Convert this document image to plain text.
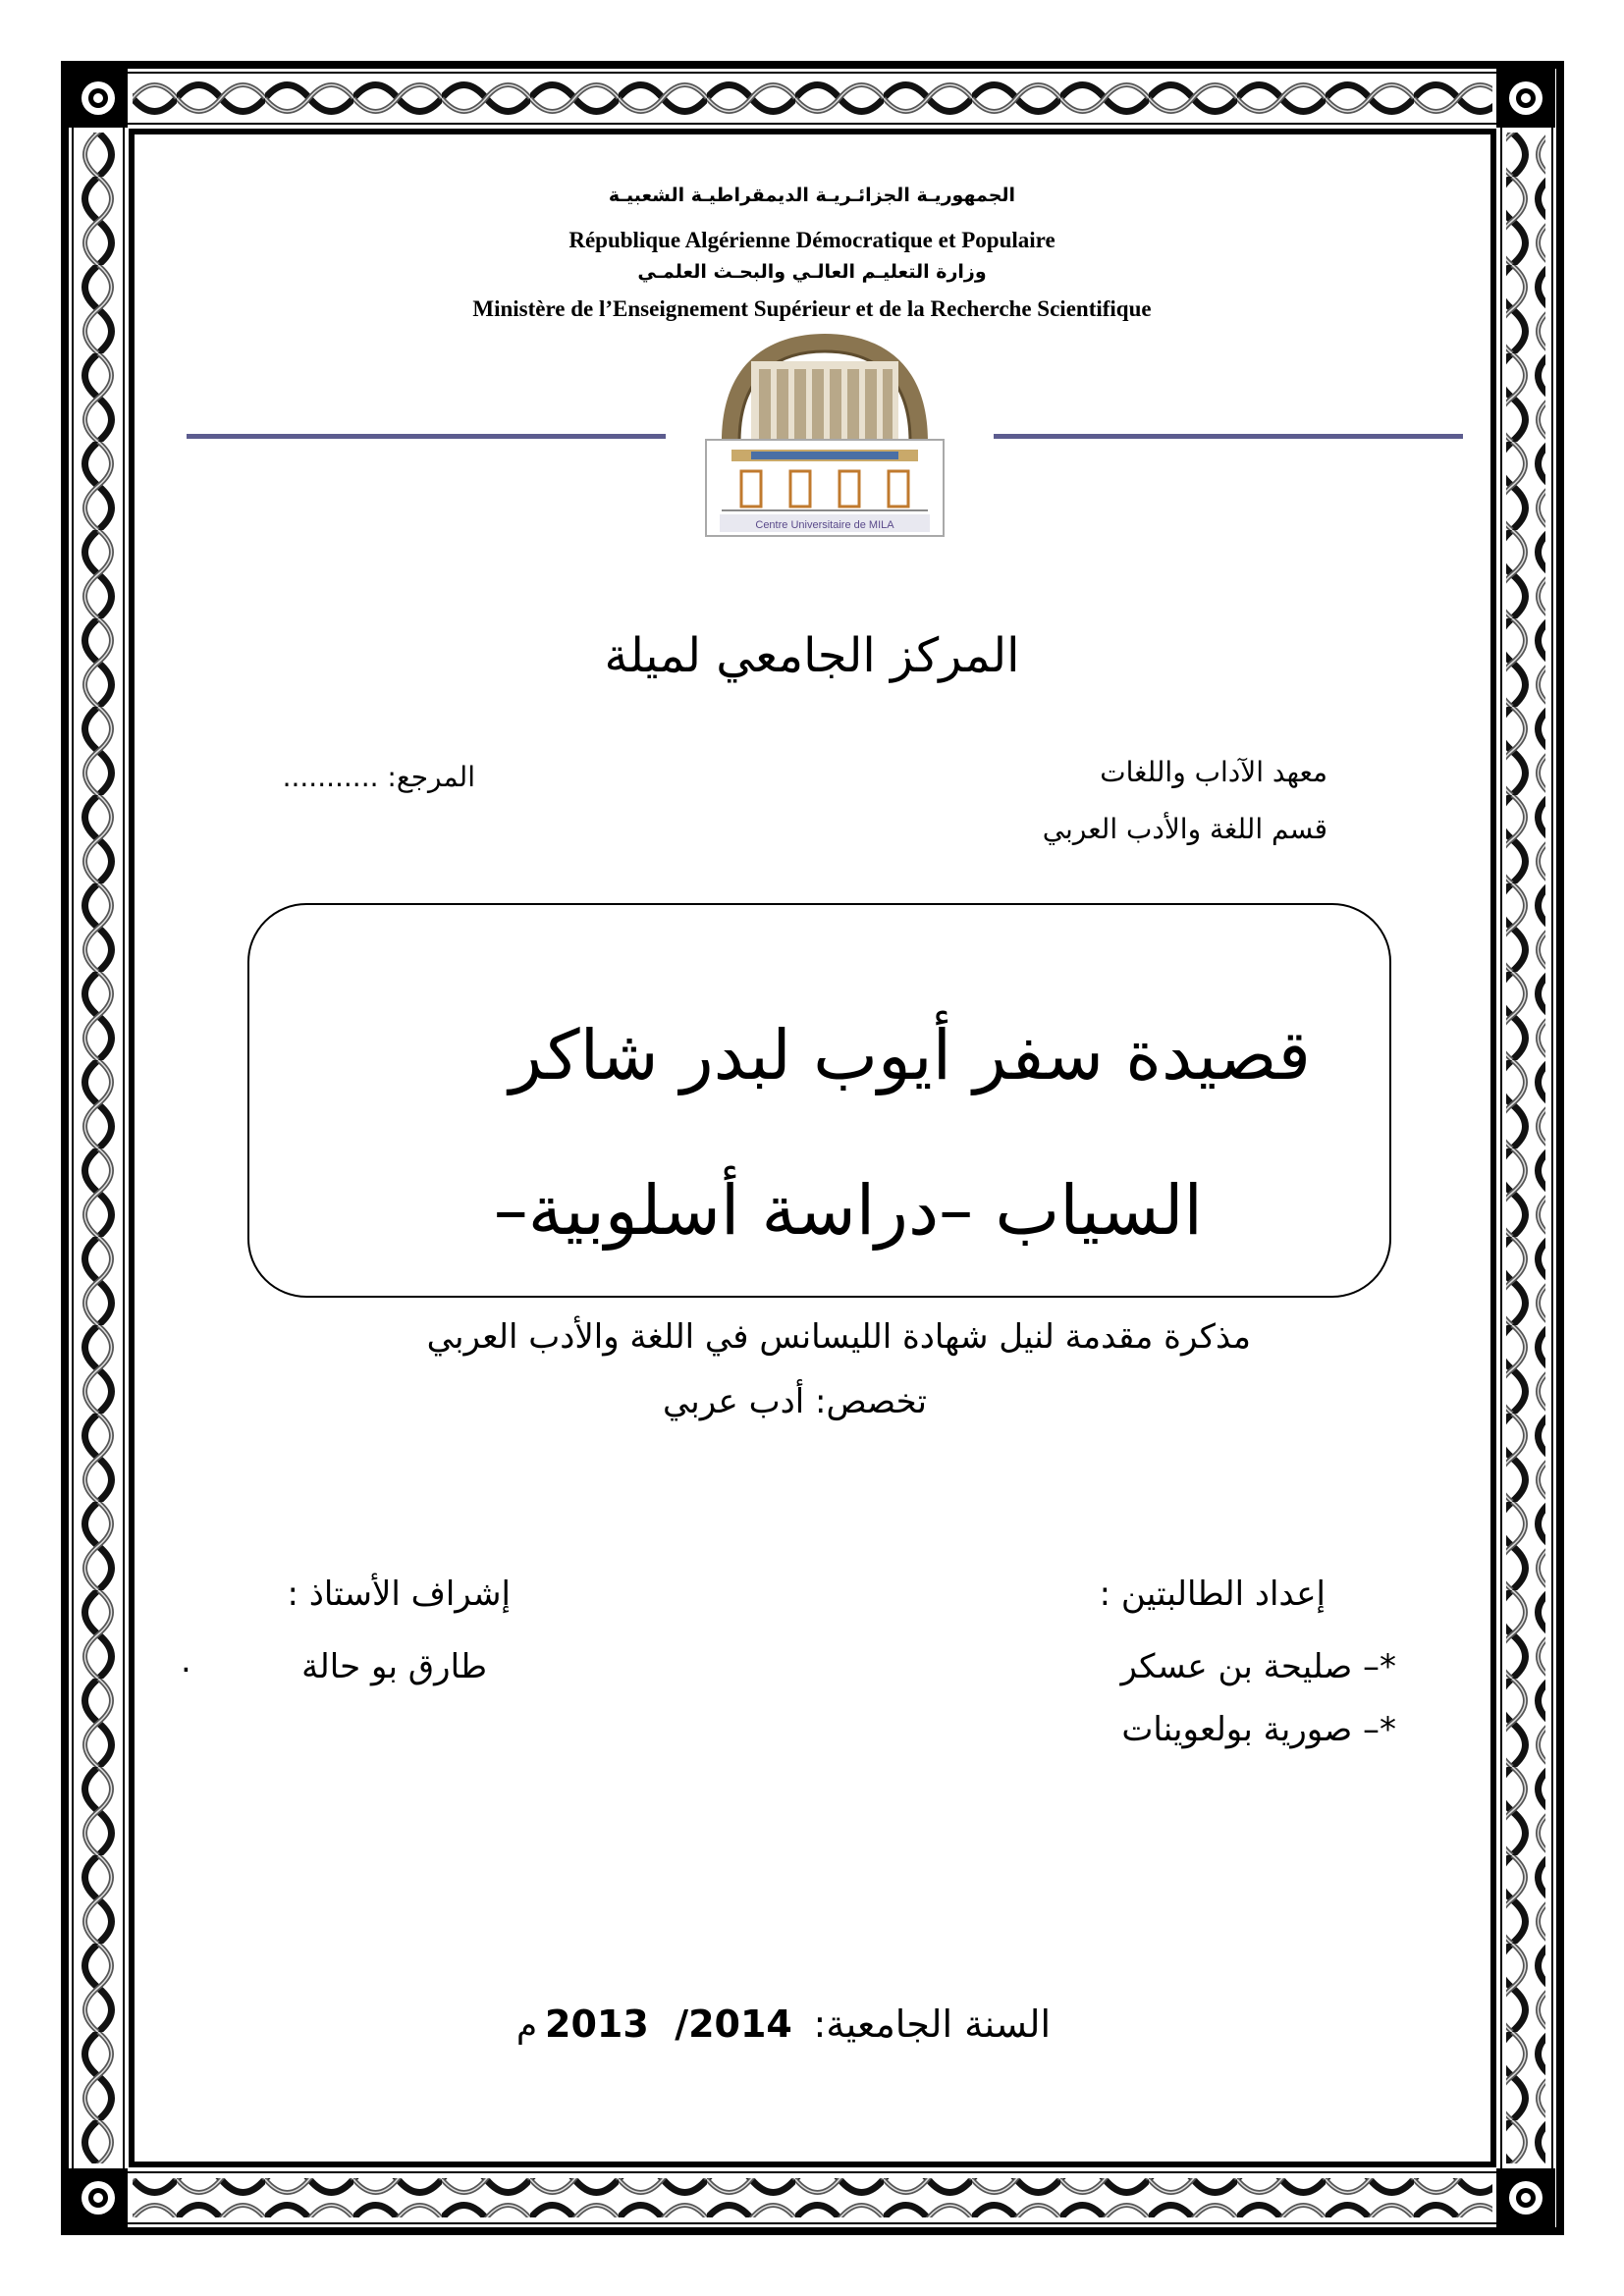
الجمهوريـة الجزائـريـة الديمقراطيـة الشعبيـة
République Algérienne Démocratique et Populaire
وزارة التعليـم العالـي والبحـث العلمـي
Ministère de l’Enseignement Supérieur et de la Recherche Scientifique
Centre Universitaire de MILA
المركز الجامعي لميلة
معهد الآداب واللغات
قسم اللغة والأدب العربي
المرجع: ...........
قصيدة سفر أيوب لبدر شاكر
السياب –دراسة أسلوبية–
مذكرة مقدمة لنيل شهادة الليسانس في اللغة والأدب العربي
تخصص: أدب عربي
إعداد الطالبتين :
*– صليحة بن عسكر
*– صورية بولعوينات
إشراف الأستاذ :
طارق بو حالة
.
السنة الجامعية:
2013  /2014
م
